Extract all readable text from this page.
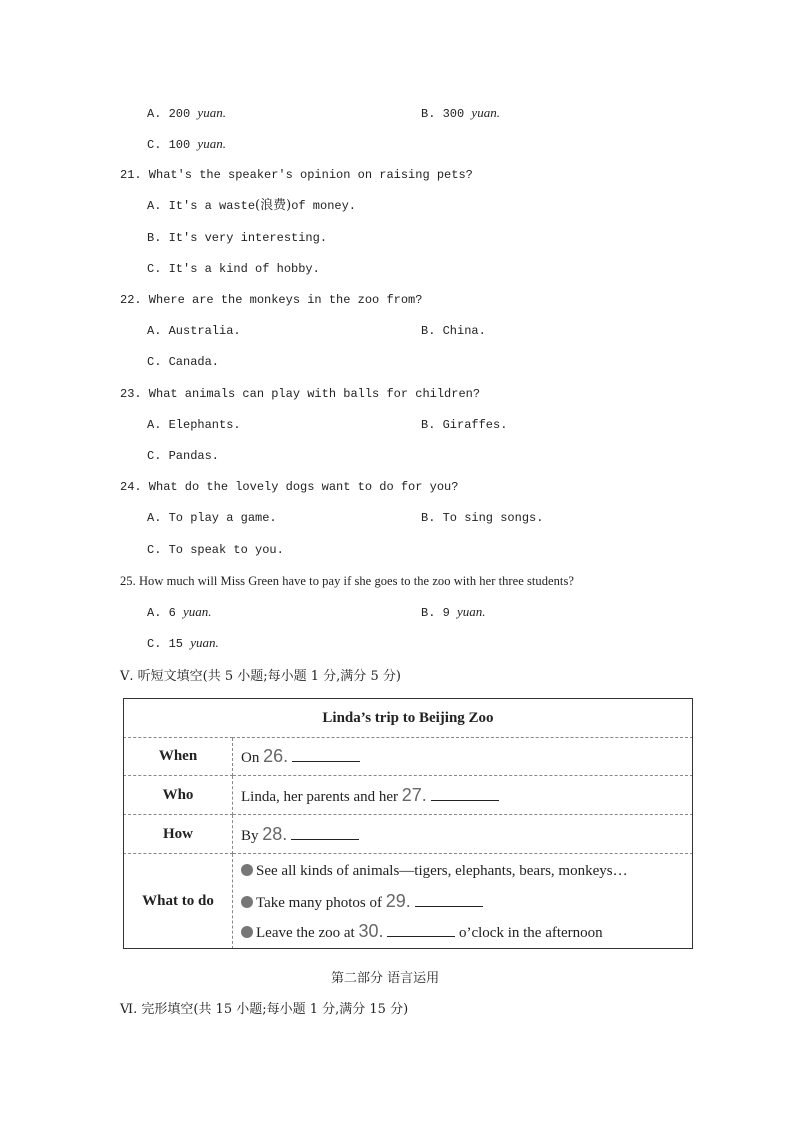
A. 200 yuan.	B. 300 yuan.
C. 100 yuan.
21. What's the speaker's opinion on raising pets?
A. It's a waste(浪费)of money.
B. It's very interesting.
C. It's a kind of hobby.
22. Where are the monkeys in the zoo from?
A. Australia.	B. China.
C. Canada.
23. What animals can play with balls for children?
A. Elephants.	B. Giraffes.
C. Pandas.
24. What do the lovely dogs want to do for you?
A. To play a game.	B. To sing songs.
C. To speak to you.
25. How much will Miss Green have to pay if she goes to the zoo with her three students?
A. 6 yuan.	B. 9 yuan.
C. 15 yuan.
Ⅴ. 听短文填空(共 5 小题;每小题 1 分,满分 5 分)
Linda’s trip to Beijing Zoo	
When	On 26.
Who	Linda, her parents and her 27.
How	By 28.
What to do	See all kinds of animals—tigers, elephants, bears, monkeys…
Take many photos of 29.
Leave the zoo at 30. o’clock in the afternoon
第二部分 语言运用
Ⅵ. 完形填空(共 15 小题;每小题 1 分,满分 15 分)
